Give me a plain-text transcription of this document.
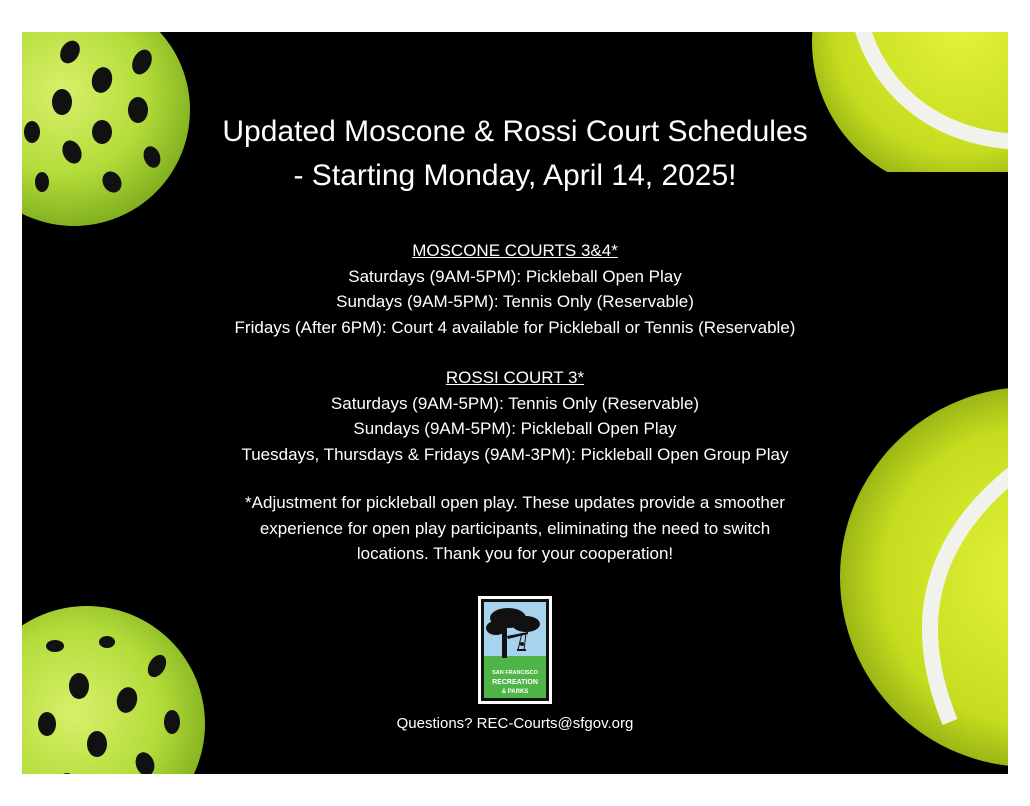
Updated Moscone & Rossi Court Schedules
- Starting Monday, April 14, 2025!
MOSCONE COURTS 3&4*
Saturdays (9AM-5PM): Pickleball Open Play
Sundays (9AM-5PM): Tennis Only (Reservable)
Fridays (After 6PM): Court 4 available for Pickleball or Tennis (Reservable)
ROSSI COURT 3*
Saturdays (9AM-5PM): Tennis Only (Reservable)
Sundays (9AM-5PM): Pickleball Open Play
Tuesdays, Thursdays & Fridays (9AM-3PM): Pickleball Open Group Play
*Adjustment for pickleball open play. These updates provide a smoother
experience for open play participants, eliminating the need to switch
locations. Thank you for your cooperation!
SAN FRANCISCO
RECREATION
& PARKS
Questions? REC-Courts@sfgov.org
